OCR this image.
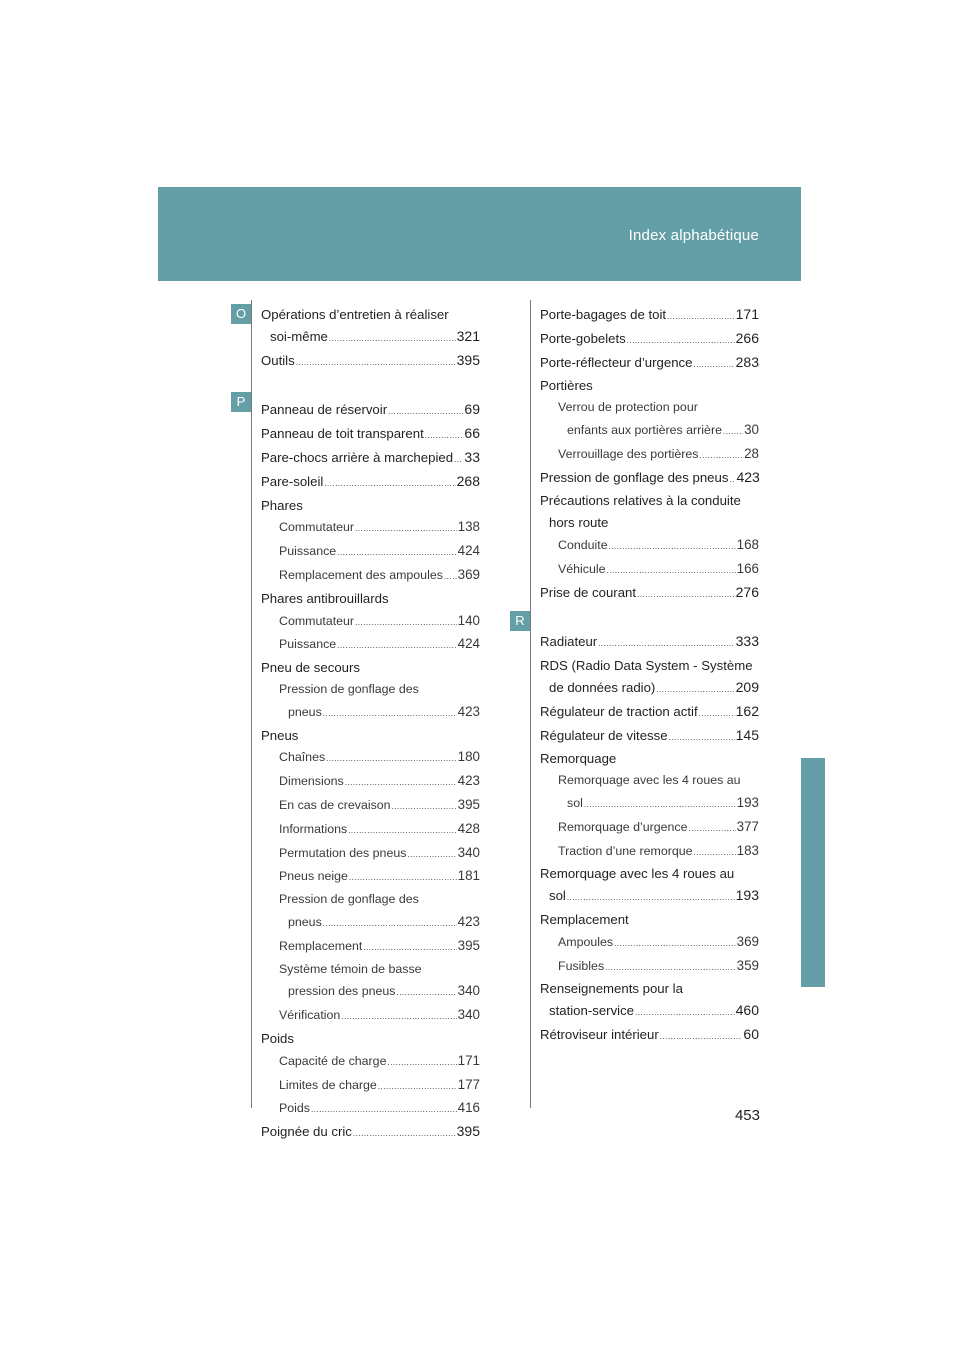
Index alphabétique
O
P
R
Opérations d’entretien à réaliser
soi-même .....	321
Outils .....	395
Panneau de réservoir .....	69
Panneau de toit transparent .....	66
Pare-chocs arrière à marchepied ..... 33
Pare-soleil .....	268
Phares
Commutateur .....	138
Puissance .....	424
Remplacement des ampoules ..... 369
Phares antibrouillards
Commutateur .....	140
Puissance .....	424
Pneu de secours
Pression de gonflage des
pneus .....	423
Pneus
Chaînes .....	180
Dimensions .....	423
En cas de crevaison .....	395
Informations .....	428
Permutation des pneus .....	340
Pneus neige .....	181
Pression de gonflage des
pneus .....	423
Remplacement .....	395
Système témoin de basse
pression des pneus .....	340
Vérification .....	340
Poids
Capacité de charge .....	171
Limites de charge .....	177
Poids .....	416
Poignée du cric .....	395
Porte-bagages de toit .....	171
Porte-gobelets .....	266
Porte-réflecteur d’urgence .....	283
Portières
Verrou de protection pour
enfants aux portières arrière ..... 30
Verrouillage des portières .....	28
Pression de gonflage des pneus ..... 423
Précautions relatives à la conduite
hors route
Conduite .....	168
Véhicule .....	166
Prise de courant .....	276
Radiateur .....	333
RDS (Radio Data System - Système
de données radio) .....	209
Régulateur de traction actif .....	162
Régulateur de vitesse .....	145
Remorquage
Remorquage avec les 4 roues au
sol .....	193
Remorquage d’urgence .....	377
Traction d’une remorque .....	183
Remorquage avec les 4 roues au
sol .....	193
Remplacement
Ampoules .....	369
Fusibles .....	359
Renseignements pour la
station-service .....	460
Rétroviseur intérieur .....	60
453
